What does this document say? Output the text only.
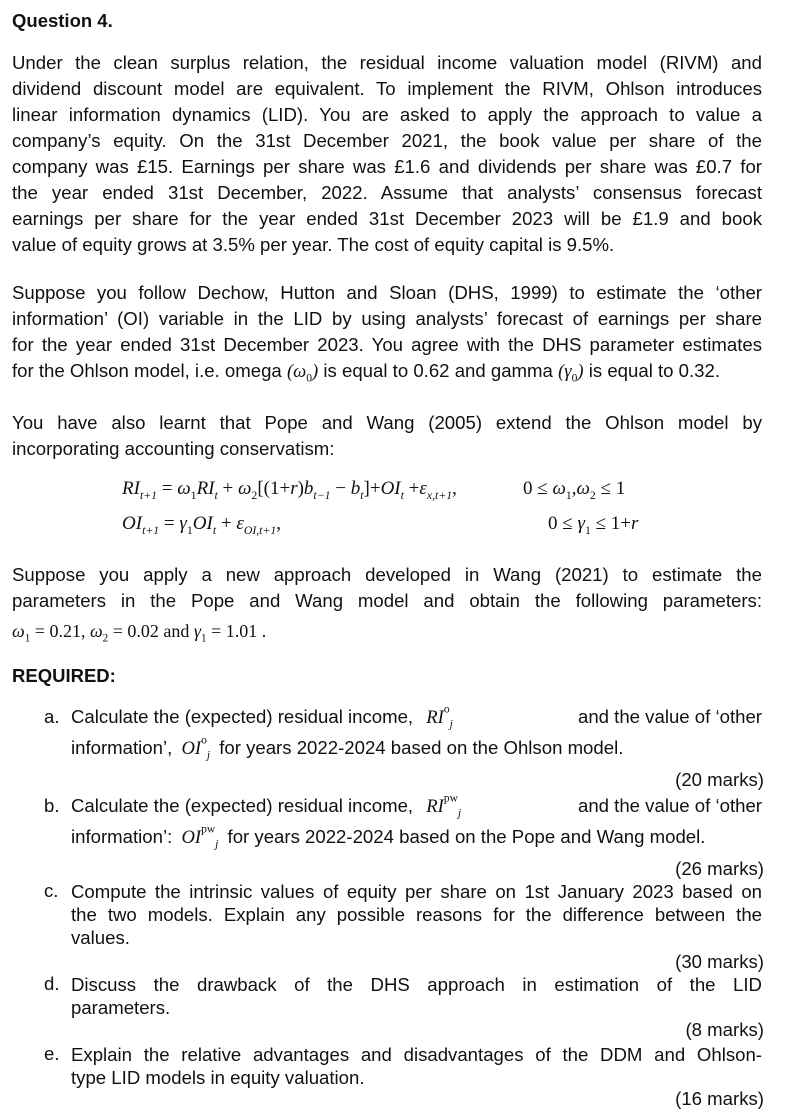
Question 4.
Under the clean surplus relation, the residual income valuation model (RIVM) and
dividend discount model are equivalent. To implement the RIVM, Ohlson introduces
linear information dynamics (LID). You are asked to apply the approach to value a
company’s equity. On the 31st December 2021, the book value per share of the
company was £15. Earnings per share was £1.6 and dividends per share was £0.7 for
the year ended 31st December, 2022. Assume that analysts’ consensus forecast
earnings per share for the year ended 31st December 2023 will be £1.9 and book
value of equity grows at 3.5% per year. The cost of equity capital is 9.5%.
Suppose you follow Dechow, Hutton and Sloan (DHS, 1999) to estimate the ‘other
information’ (OI) variable in the LID by using analysts’ forecast of earnings per share
for the year ended 31st December 2023. You agree with the DHS parameter estimates
for the Ohlson model, i.e. omega $(\omega_0)$ is equal to 0.62 and gamma $(\gamma_0)$ is equal to 0.32.
You have also learnt that Pope and Wang (2005) extend the Ohlson model by
incorporating accounting conservatism:
$RI_{t+1} = \omega_1RI_t + \omega_2[(1+r)b_{t-1} - b_t]+OI_t +\varepsilon_{x,t+1}$,	$0 \le \omega_1,\omega_2 \le 1$
$OI_{t+1} = \gamma_1OI_t + \varepsilon_{OI,t+1}$,	$0 \le \gamma_1 \le 1+r$
Suppose you apply a new approach developed in Wang (2021) to estimate the
parameters in the Pope and Wang model and obtain the following parameters:
$\omega_1 = 0.21$, $\omega_2 = 0.02$ and $\gamma_1 = 1.01$ .
REQUIRED:
a. Calculate the (expected) residual income, $RI^o_j$	and the value of ‘other
information’, $OI^o_j$ for years 2022-2024 based on the Ohlson model.
(20 marks)
b. Calculate the (expected) residual income, $RI^{pw}_j$	and the value of ‘other
information’: $OI^{pw}_j$ for years 2022-2024 based on the Pope and Wang model.
(26 marks)
c. Compute the intrinsic values of equity per share on 1st January 2023 based on
the two models. Explain any possible reasons for the difference between the
values.
(30 marks)
d. Discuss the drawback of the DHS approach in estimation of the LID
parameters.
(8 marks)
e. Explain the relative advantages and disadvantages of the DDM and Ohlson-
type LID models in equity valuation.
(16 marks)
